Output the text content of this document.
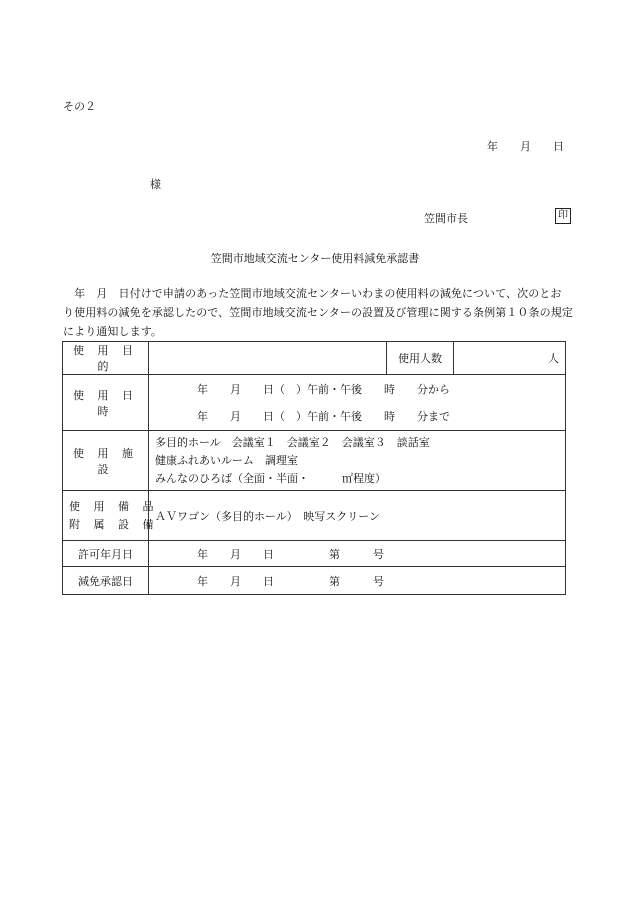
その２
年 月 日
様
笠間市長	印
笠間市地域交流センター使用料減免承認書
　年　月　日付けで申請のあった笠間市地域交流センターいわまの使用料の減免について、次のとお
り使用料の減免を承認したので、笠間市地域交流センターの設置及び管理に関する条例第１０条の規定
により通知します。
使 用 目 的		使用人数	人
使 用 日 時	年　　月　　日（　）午前・午後　　時　　分から
年　　月　　日（　）午前・午後　　時　　分まで		

使 用 施 設	多目的ホール　会議室１　会議室２　会議室３　談話室
健康ふれあいルーム　調理室
みんなのひろば（全面・半面・　　　㎡程度）		

使 用 備 品
附 属 設 備	ＡＶワゴン（多目的ホール）　映写スクリーン		
許可年月日	年　　月　　日　　　　　第　　　号		
減免承認日	年　　月　　日　　　　　第　　　号		
